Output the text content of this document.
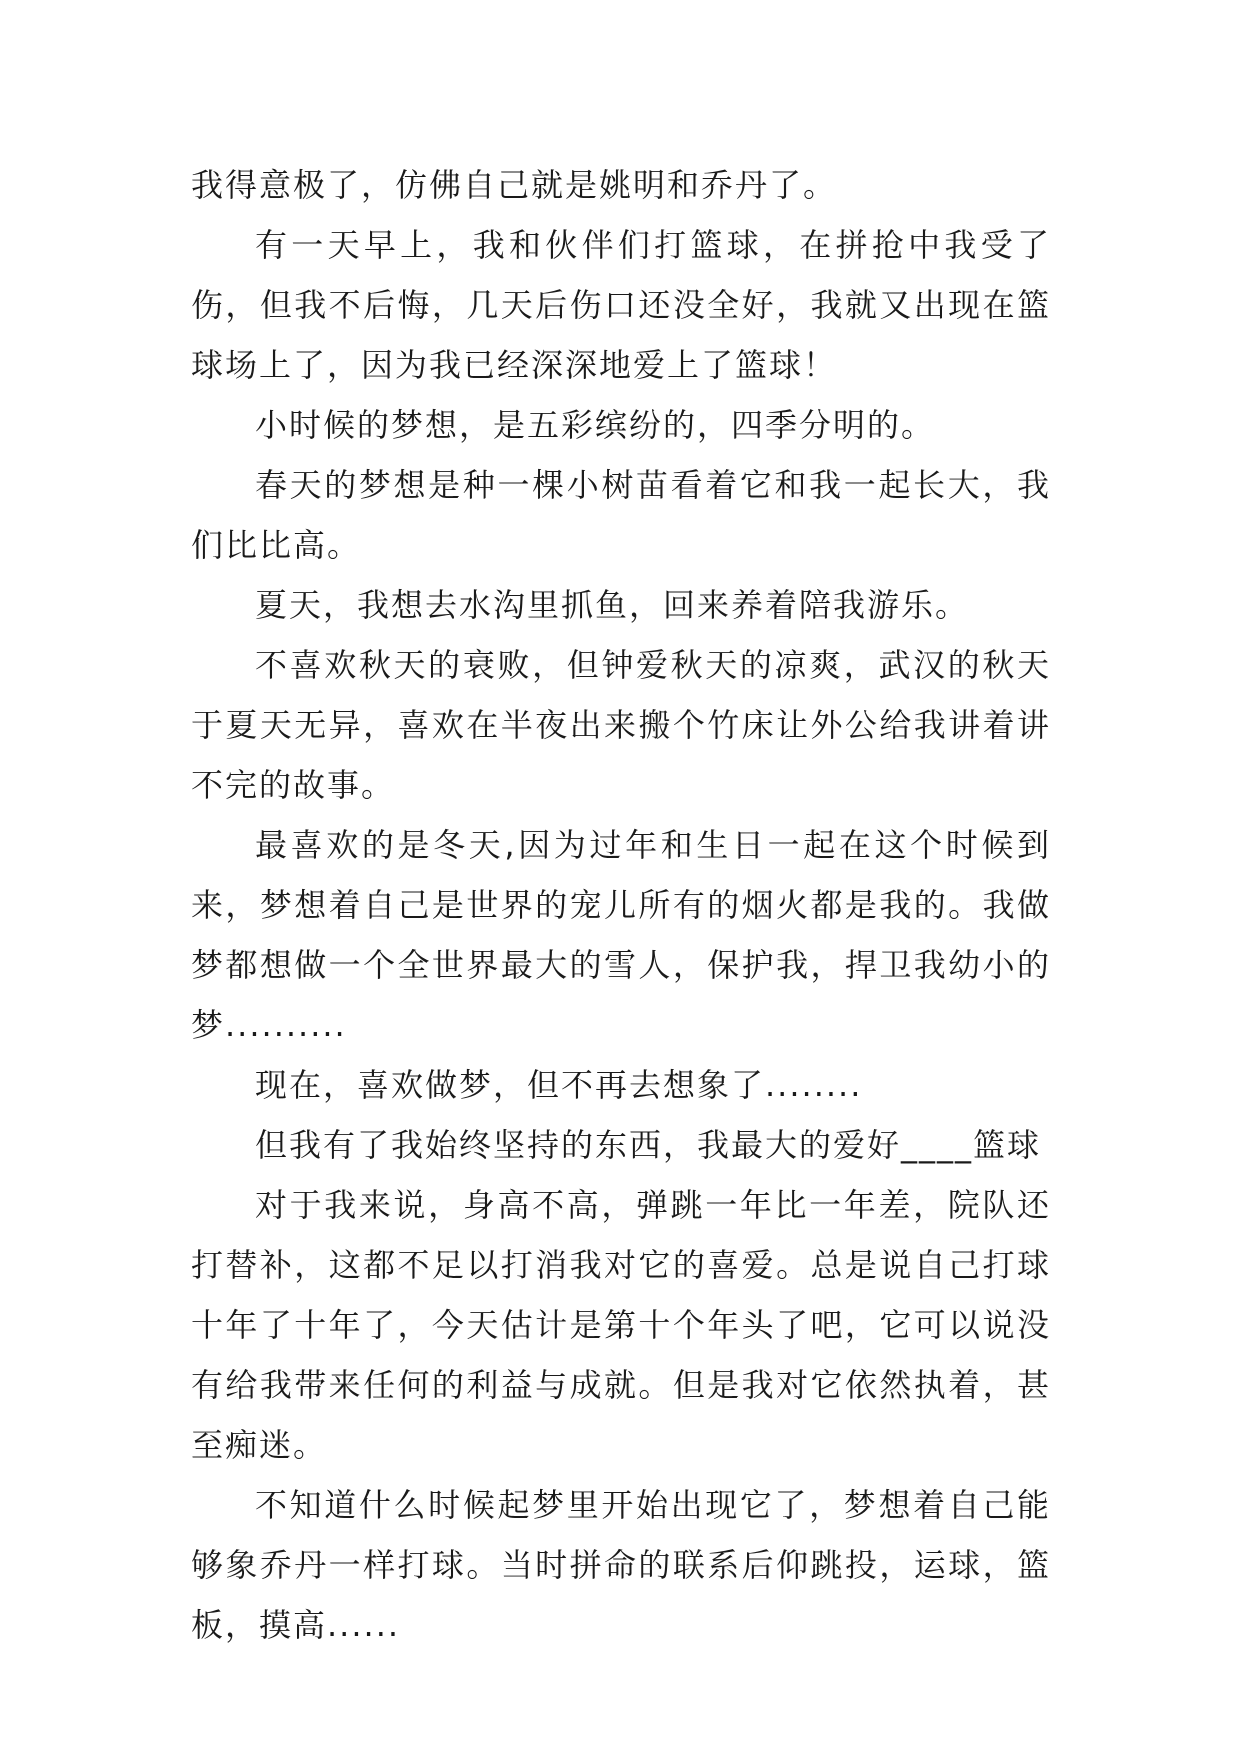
我得意极了，仿佛自己就是姚明和乔丹了。

有一天早上，我和伙伴们打篮球，在拼抢中我受了伤，但我不后悔，几天后伤口还没全好，我就又出现在篮球场上了，因为我已经深深地爱上了篮球！

小时候的梦想，是五彩缤纷的，四季分明的。

春天的梦想是种一棵小树苗看着它和我一起长大，我们比比高。

夏天，我想去水沟里抓鱼，回来养着陪我游乐。

不喜欢秋天的衰败，但钟爱秋天的凉爽，武汉的秋天于夏天无异，喜欢在半夜出来搬个竹床让外公给我讲着讲不完的故事。

最喜欢的是冬天,因为过年和生日一起在这个时候到来，梦想着自己是世界的宠儿所有的烟火都是我的。我做梦都想做一个全世界最大的雪人，保护我，捍卫我幼小的梦..........

现在，喜欢做梦，但不再去想象了........

但我有了我始终坚持的东西，我最大的爱好____篮球

对于我来说，身高不高，弹跳一年比一年差，院队还打替补，这都不足以打消我对它的喜爱。总是说自己打球十年了十年了，今天估计是第十个年头了吧，它可以说没有给我带来任何的利益与成就。但是我对它依然执着，甚至痴迷。

不知道什么时候起梦里开始出现它了，梦想着自己能够象乔丹一样打球。当时拼命的联系后仰跳投，运球，篮板，摸高......
